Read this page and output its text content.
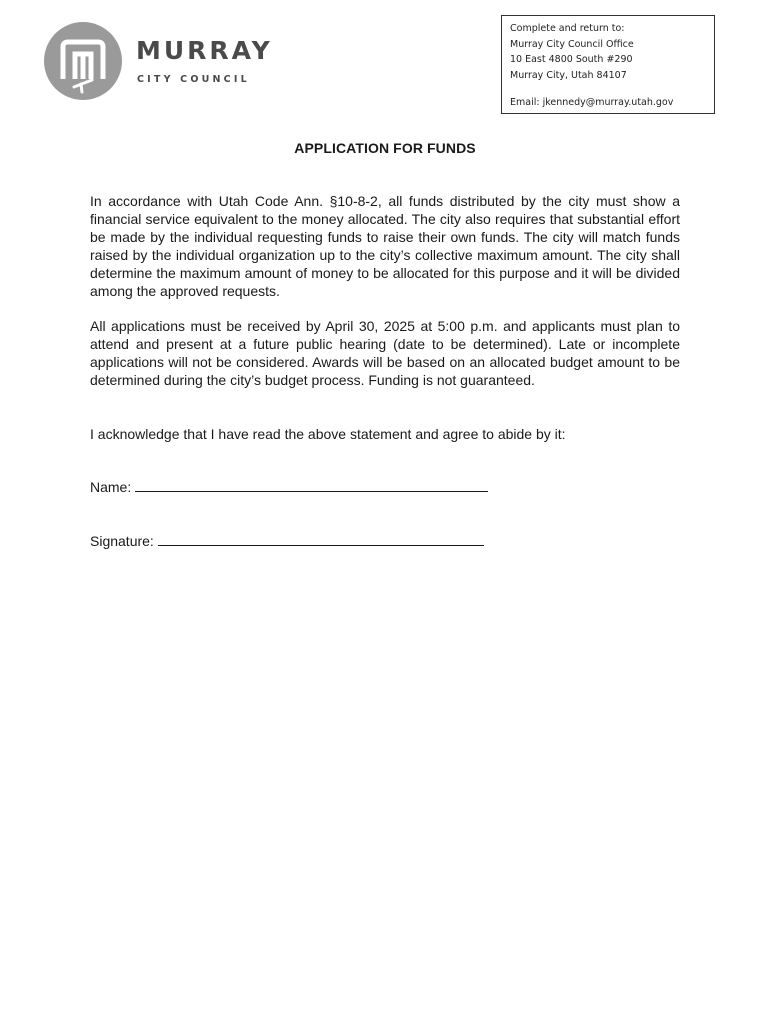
MURRAY
CITY COUNCIL
Complete and return to:
Murray City Council Office
10 East 4800 South #290
Murray City, Utah 84107
Email: jkennedy@murray.utah.gov
APPLICATION FOR FUNDS

In accordance with Utah Code Ann. §10-8-2, all funds distributed by the city must show a financial service equivalent to the money allocated. The city also requires that substantial effort be made by the individual requesting funds to raise their own funds. The city will match funds raised by the individual organization up to the city’s collective maximum amount. The city shall determine the maximum amount of money to be allocated for this purpose and it will be divided among the approved requests.

All applications must be received by April 30, 2025 at 5:00 p.m. and applicants must plan to attend and present at a future public hearing (date to be determined). Late or incomplete applications will not be considered. Awards will be based on an allocated budget amount to be determined during the city’s budget process. Funding is not guaranteed.

I acknowledge that I have read the above statement and agree to abide by it:

Name:
Signature:
